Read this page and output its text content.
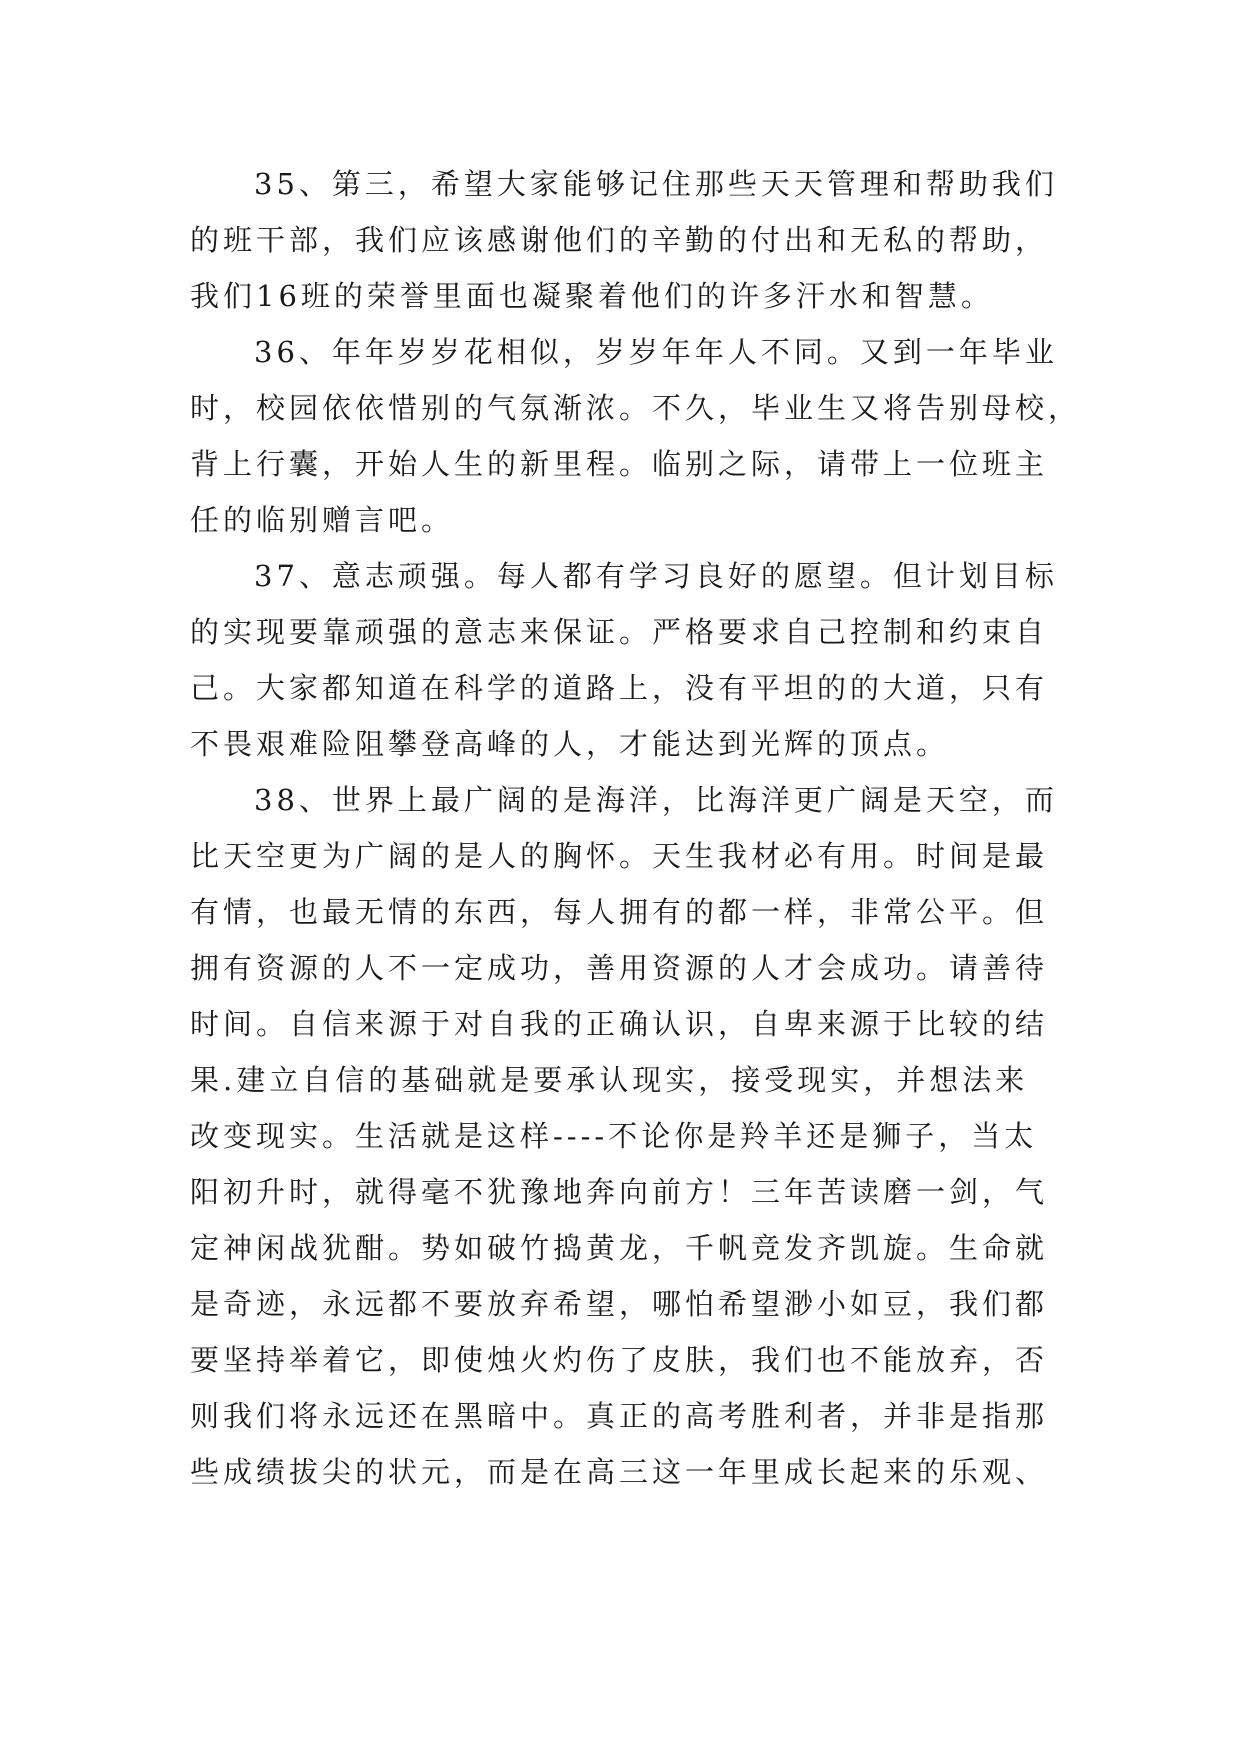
35、第三，希望大家能够记住那些天天管理和帮助我们
的班干部，我们应该感谢他们的辛勤的付出和无私的帮助，
我们16班的荣誉里面也凝聚着他们的许多汗水和智慧。
36、年年岁岁花相似，岁岁年年人不同。又到一年毕业
时，校园依依惜别的气氛渐浓。不久，毕业生又将告别母校，
背上行囊，开始人生的新里程。临别之际，请带上一位班主
任的临别赠言吧。
37、意志顽强。每人都有学习良好的愿望。但计划目标
的实现要靠顽强的意志来保证。严格要求自己控制和约束自
己。大家都知道在科学的道路上，没有平坦的的大道，只有
不畏艰难险阻攀登高峰的人，才能达到光辉的顶点。
38、世界上最广阔的是海洋，比海洋更广阔是天空，而
比天空更为广阔的是人的胸怀。天生我材必有用。时间是最
有情，也最无情的东西，每人拥有的都一样，非常公平。但
拥有资源的人不一定成功，善用资源的人才会成功。请善待
时间。自信来源于对自我的正确认识，自卑来源于比较的结
果.建立自信的基础就是要承认现实，接受现实，并想法来
改变现实。生活就是这样----不论你是羚羊还是狮子，当太
阳初升时，就得毫不犹豫地奔向前方！三年苦读磨一剑，气
定神闲战犹酣。势如破竹捣黄龙，千帆竞发齐凯旋。生命就
是奇迹，永远都不要放弃希望，哪怕希望渺小如豆，我们都
要坚持举着它，即使烛火灼伤了皮肤，我们也不能放弃，否
则我们将永远还在黑暗中。真正的高考胜利者，并非是指那
些成绩拔尖的状元，而是在高三这一年里成长起来的乐观、
